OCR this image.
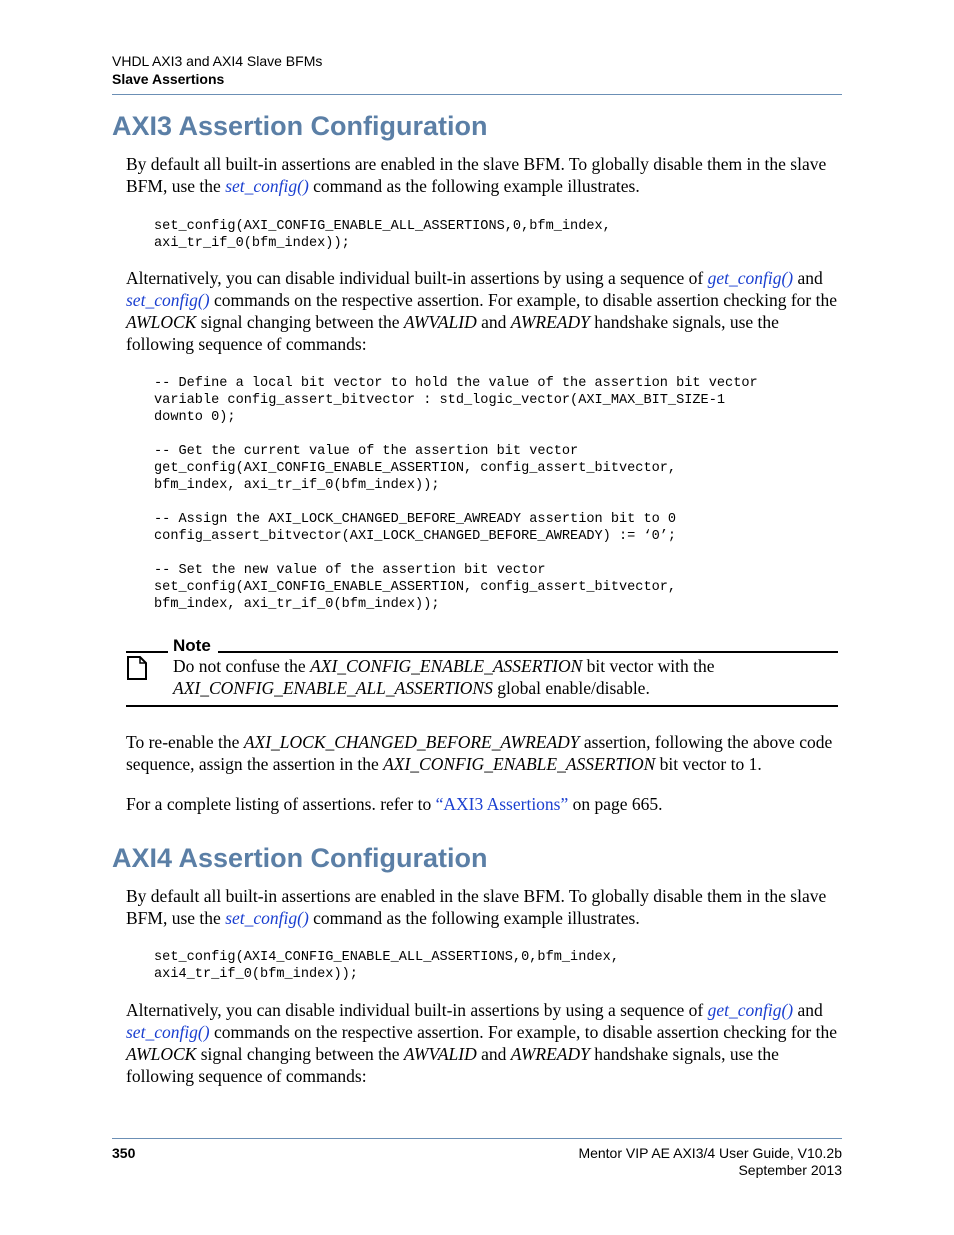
VHDL AXI3 and AXI4 Slave BFMs
Slave Assertions
AXI3 Assertion Configuration

By default all built-in assertions are enabled in the slave BFM. To globally disable them in the slave BFM, use the set_config() command as the following example illustrates.

set_config(AXI_CONFIG_ENABLE_ALL_ASSERTIONS,0,bfm_index,
axi_tr_if_0(bfm_index));

Alternatively, you can disable individual built-in assertions by using a sequence of get_config() and set_config() commands on the respective assertion. For example, to disable assertion checking for the AWLOCK signal changing between the AWVALID and AWREADY handshake signals, use the following sequence of commands:

-- Define a local bit vector to hold the value of the assertion bit vector
variable config_assert_bitvector : std_logic_vector(AXI_MAX_BIT_SIZE-1
downto 0);

-- Get the current value of the assertion bit vector
get_config(AXI_CONFIG_ENABLE_ASSERTION, config_assert_bitvector,
bfm_index, axi_tr_if_0(bfm_index));

-- Assign the AXI_LOCK_CHANGED_BEFORE_AWREADY assertion bit to 0
config_assert_bitvector(AXI_LOCK_CHANGED_BEFORE_AWREADY) := ‘0’;

-- Set the new value of the assertion bit vector
set_config(AXI_CONFIG_ENABLE_ASSERTION, config_assert_bitvector,
bfm_index, axi_tr_if_0(bfm_index));
Note
Do not confuse the AXI_CONFIG_ENABLE_ASSERTION bit vector with the AXI_CONFIG_ENABLE_ALL_ASSERTIONS global enable/disable.

To re-enable the AXI_LOCK_CHANGED_BEFORE_AWREADY assertion, following the above code sequence, assign the assertion in the AXI_CONFIG_ENABLE_ASSERTION bit vector to 1.

For a complete listing of assertions. refer to “AXI3 Assertions” on page 665.

AXI4 Assertion Configuration

By default all built-in assertions are enabled in the slave BFM. To globally disable them in the slave BFM, use the set_config() command as the following example illustrates.

set_config(AXI4_CONFIG_ENABLE_ALL_ASSERTIONS,0,bfm_index,
axi4_tr_if_0(bfm_index));

Alternatively, you can disable individual built-in assertions by using a sequence of get_config() and set_config() commands on the respective assertion. For example, to disable assertion checking for the AWLOCK signal changing between the AWVALID and AWREADY handshake signals, use the following sequence of commands:

350	Mentor VIP AE AXI3/4 User Guide, V10.2b
September 2013
